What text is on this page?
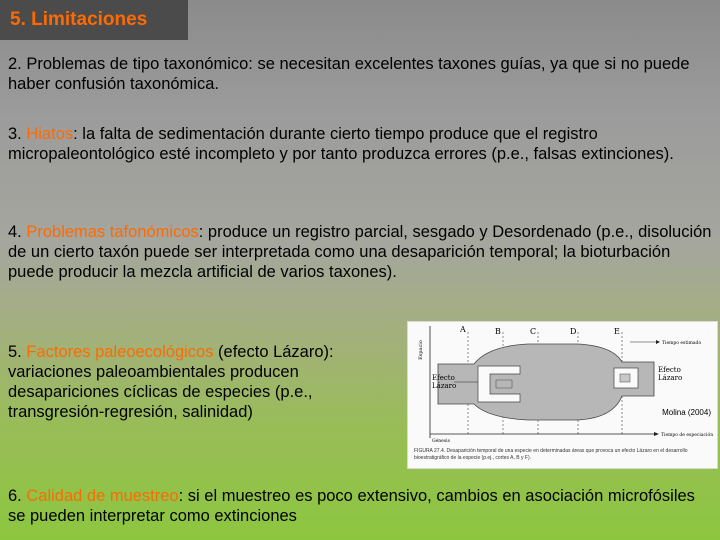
5. Limitaciones
2. Problemas de tipo taxonómico: se necesitan excelentes taxones guías, ya que si no puede haber confusión taxonómica.
3. Hiatos: la falta de sedimentación durante cierto tiempo produce que el registro micropaleontológico esté incompleto y por tanto produzca errores (p.e., falsas extinciones).
4. Problemas tafonómicos: produce un registro parcial, sesgado y Desordenado (p.e., disolución de un cierto taxón puede ser interpretada como una desaparición temporal; la bioturbación puede producir la mezcla artificial de varios taxones).
5. Factores paleoecológicos (efecto Lázaro): variaciones paleoambientales producen desapariciones cíclicas de especies (p.e., transgresión-regresión, salinidad)
6. Calidad de muestreo: si el muestreo es poco extensivo, cambios en asociación microfósiles se pueden interpretar como extinciones
Espacio
A	B	C	D	E
Efecto
Lázaro
Efecto
Lázaro
Tiempo estimado
Tiempo de especiación
Génesis
Molina (2004)
FIGURA 27.4. Desaparición temporal de una especie en determinadas áreas que provoca un efecto Lázaro en el desarrollo bioestratigráfico de la especie (p.ej., cortes A, B y F).
